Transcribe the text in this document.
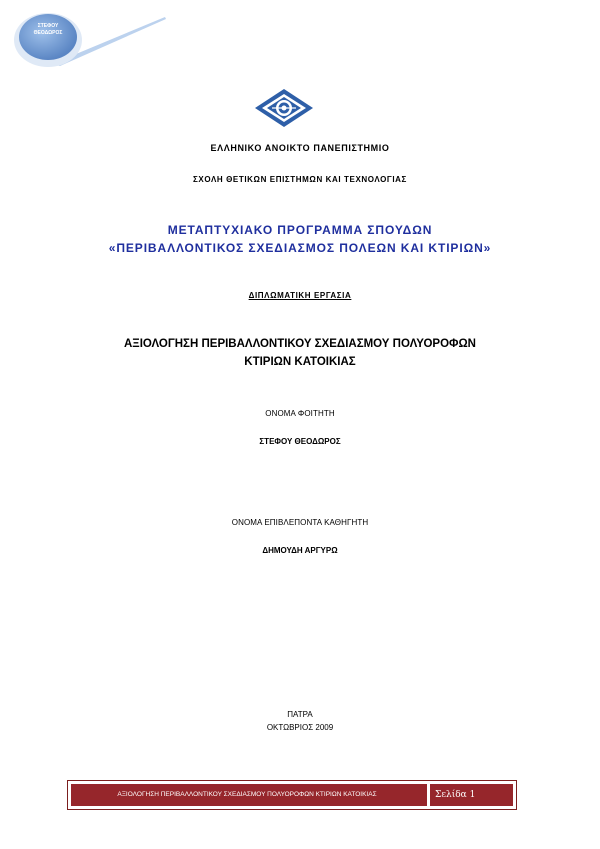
ΣΤΕΦΟΥ
ΘΕΟΔΩΡΟΣ
ΕΛΛΗΝΙΚΟ ΑΝΟΙΚΤΟ ΠΑΝΕΠΙΣΤΗΜΙΟ
ΣΧΟΛΗ ΘΕΤΙΚΩΝ ΕΠΙΣΤΗΜΩΝ ΚΑΙ ΤΕΧΝΟΛΟΓΙΑΣ
ΜΕΤΑΠΤΥΧΙΑΚΟ ΠΡΟΓΡΑΜΜΑ ΣΠΟΥΔΩΝ
«ΠΕΡΙΒΑΛΛΟΝΤΙΚΟΣ ΣΧΕΔΙΑΣΜΟΣ ΠΟΛΕΩΝ ΚΑΙ ΚΤΙΡΙΩΝ»
ΔΙΠΛΩΜΑΤΙΚΗ ΕΡΓΑΣΙΑ
ΑΞΙΟΛΟΓΗΣΗ ΠΕΡΙΒΑΛΛΟΝΤΙΚΟΥ ΣΧΕΔΙΑΣΜΟΥ ΠΟΛΥΟΡΟΦΩΝ
ΚΤΙΡΙΩΝ ΚΑΤΟΙΚΙΑΣ
ΟΝΟΜΑ ΦΟΙΤΗΤΗ
ΣΤΕΦΟΥ ΘΕΟΔΩΡΟΣ
ΟΝΟΜΑ ΕΠΙΒΛΕΠΟΝΤΑ ΚΑΘΗΓΗΤΗ
ΔΗΜΟΥΔΗ ΑΡΓΥΡΩ
ΠΑΤΡΑ
ΟΚΤΩΒΡΙΟΣ 2009
ΑΞΙΟΛΟΓΗΣΗ ΠΕΡΙΒΑΛΛΟΝΤΙΚΟΥ ΣΧΕΔΙΑΣΜΟΥ ΠΟΛΥΟΡΟΦΩΝ ΚΤΙΡΙΩΝ ΚΑΤΟΙΚΙΑΣ	Σελίδα 1
